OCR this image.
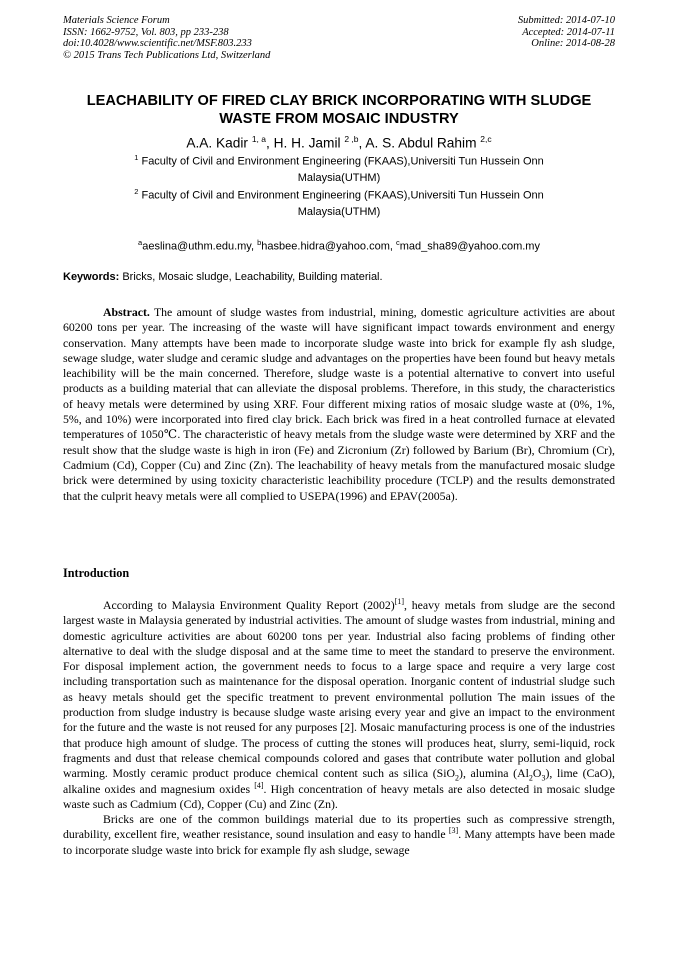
Materials Science Forum
ISSN: 1662-9752, Vol. 803, pp 233-238
doi:10.4028/www.scientific.net/MSF.803.233
© 2015 Trans Tech Publications Ltd, Switzerland
Submitted: 2014-07-10
Accepted: 2014-07-11
Online: 2014-08-28
LEACHABILITY OF FIRED CLAY BRICK INCORPORATING WITH SLUDGE
WASTE FROM MOSAIC INDUSTRY
A.A. Kadir $^{1, a}$, H. H. Jamil $^{2 ,b}$, A. S. Abdul Rahim $^{2,c}$
$^1$ Faculty of Civil and Environment Engineering (FKAAS),Universiti Tun Hussein Onn
Malaysia(UTHM)
$^2$ Faculty of Civil and Environment Engineering (FKAAS),Universiti Tun Hussein Onn
Malaysia(UTHM)
$^a$aeslina@uthm.edu.my, $^b$hasbee.hidra@yahoo.com, $^c$mad_sha89@yahoo.com.my
Keywords: Bricks, Mosaic sludge, Leachability, Building material.

Abstract. The amount of sludge wastes from industrial, mining, domestic agriculture activities are about 60200 tons per year. The increasing of the waste will have significant impact towards environment and energy conservation. Many attempts have been made to incorporate sludge waste into brick for example fly ash sludge, sewage sludge, water sludge and ceramic sludge and advantages on the properties have been found but heavy metals leachibility will be the main concerned. Therefore, sludge waste is a potential alternative to convert into useful products as a building material that can alleviate the disposal problems. Therefore, in this study, the characteristics of heavy metals were determined by using XRF. Four different mixing ratios of mosaic sludge waste at (0%, 1%, 5%, and 10%) were incorporated into fired clay brick. Each brick was fired in a heat controlled furnace at elevated temperatures of 1050℃. The characteristic of heavy metals from the sludge waste were determined by XRF and the result show that the sludge waste is high in iron (Fe) and Zicronium (Zr) followed by Barium (Br), Chromium (Cr), Cadmium (Cd), Copper (Cu) and Zinc (Zn). The leachability of heavy metals from the manufactured mosaic sludge brick were determined by using toxicity characteristic leachibility procedure (TCLP) and the results demonstrated that the culprit heavy metals were all complied to USEPA(1996) and EPAV(2005a).

Introduction

According to Malaysia Environment Quality Report (2002)[1], heavy metals from sludge are the second largest waste in Malaysia generated by industrial activities. The amount of sludge wastes from industrial, mining and domestic agriculture activities are about 60200 tons per year. Industrial also facing problems of finding other alternative to deal with the sludge disposal and at the same time to meet the standard to preserve the environment. For disposal implement action, the government needs to focus to a large space and require a very large cost including transportation such as maintenance for the disposal operation. Inorganic content of industrial sludge such as heavy metals should get the specific treatment to prevent environmental pollution The main issues of the production from sludge industry is because sludge waste arising every year and give an impact to the environment for the future and the waste is not reused for any purposes [2]. Mosaic manufacturing process is one of the industries that produce high amount of sludge. The process of cutting the stones will produces heat, slurry, semi-liquid, rock fragments and dust that release chemical compounds colored and gases that contribute water pollution and global warming. Mostly ceramic product produce chemical content such as silica (SiO$_2$), alumina $(Al_2O_3)$, lime (CaO), alkaline oxides and magnesium oxides [4]. High concentration of heavy metals are also detected in mosaic sludge waste such as Cadmium (Cd), Copper (Cu) and Zinc (Zn).

Bricks are one of the common buildings material due to its properties such as compressive strength, durability, excellent fire, weather resistance, sound insulation and easy to handle [3]. Many attempts have been made to incorporate sludge waste into brick for example fly ash sludge, sewage
